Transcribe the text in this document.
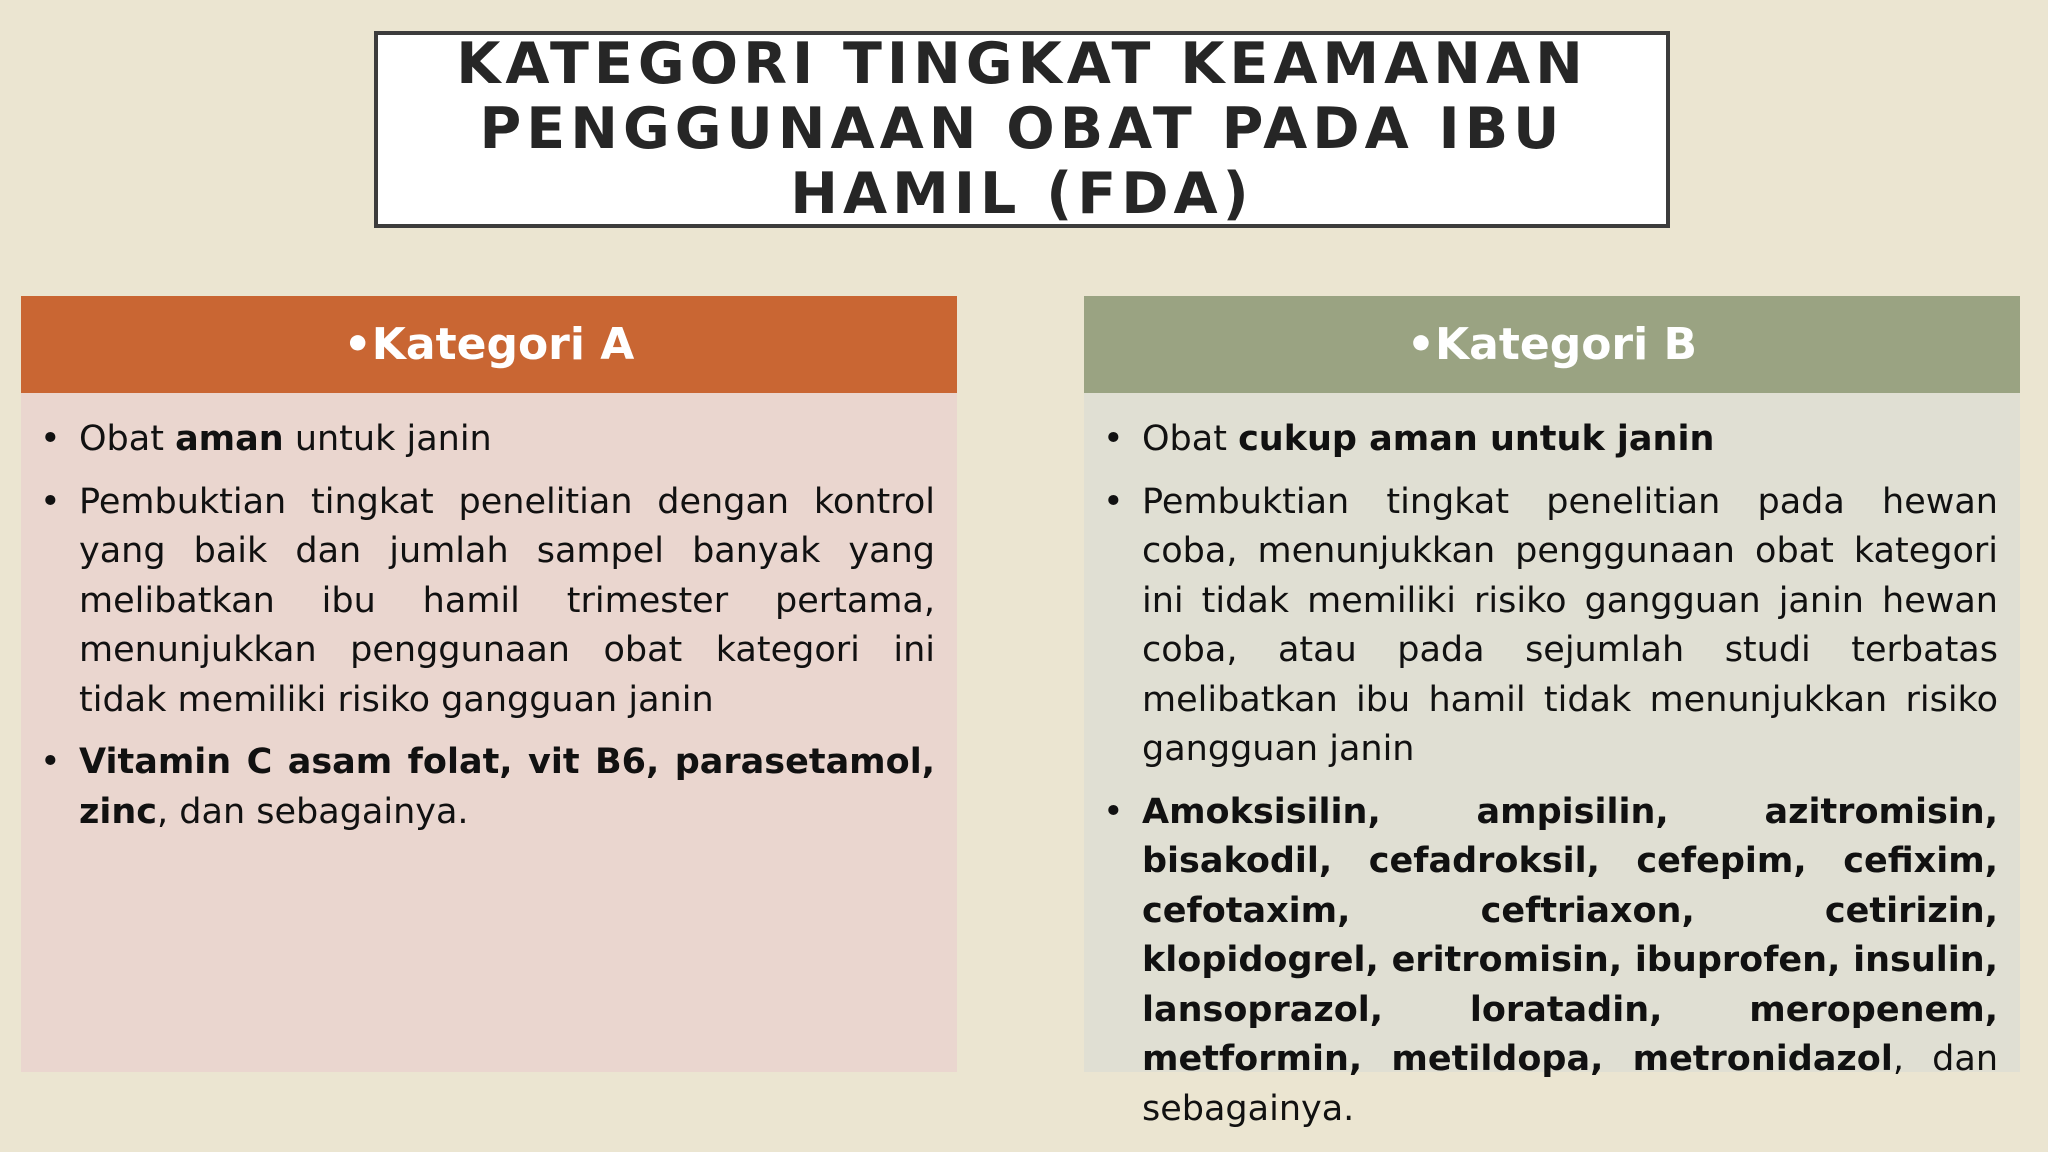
KATEGORI TINGKAT KEAMANAN
PENGGUNAAN OBAT PADA IBU
HAMIL (FDA)
•Kategori A
• Obat aman untuk janin
• Pembuktian tingkat penelitian dengan kontrol yang baik dan jumlah sampel banyak yang melibatkan ibu hamil trimester pertama, menunjukkan penggunaan obat kategori ini tidak memiliki risiko gangguan janin
• Vitamin C asam folat, vit B6, parasetamol, zinc, dan sebagainya.
•Kategori B
• Obat cukup aman untuk janin
• Pembuktian tingkat penelitian pada hewan coba, menunjukkan penggunaan obat kategori ini tidak memiliki risiko gangguan janin hewan coba, atau pada sejumlah studi terbatas melibatkan ibu hamil tidak menunjukkan risiko gangguan janin
• Amoksisilin, ampisilin, azitromisin, bisakodil, cefadroksil, cefepim, cefixim, cefotaxim, ceftriaxon, cetirizin, klopidogrel, eritromisin, ibuprofen, insulin, lansoprazol, loratadin, meropenem, metformin, metildopa, metronidazol, dan sebagainya.
